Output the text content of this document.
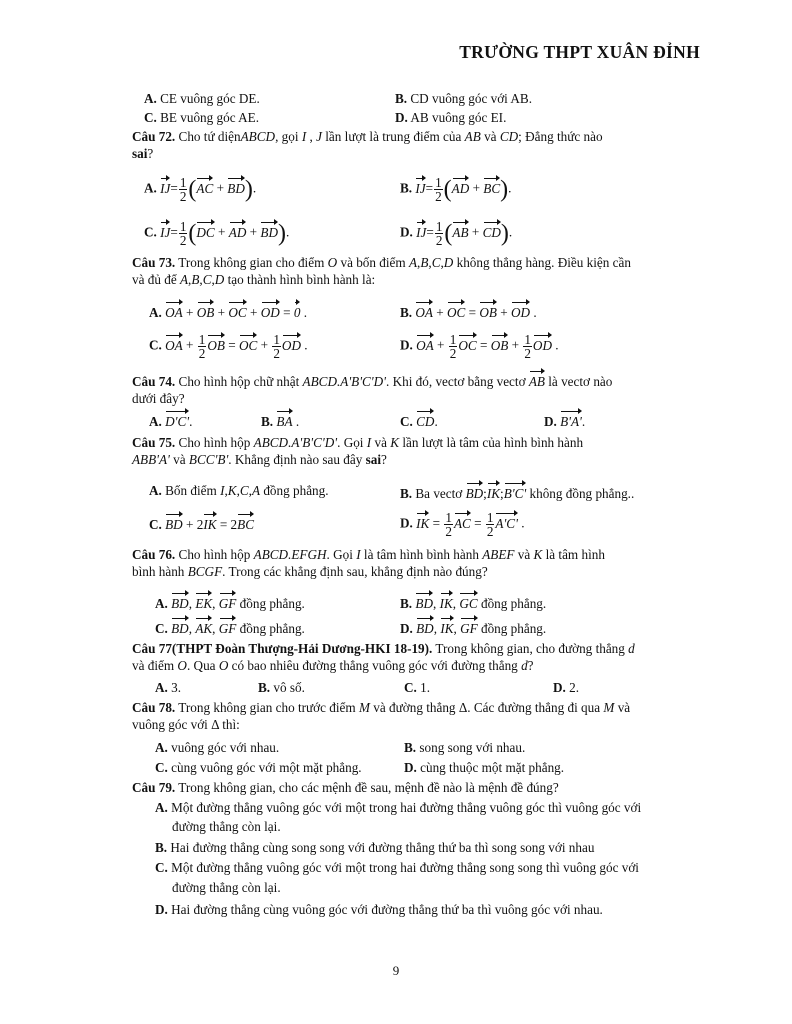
TRƯỜNG THPT XUÂN ĐỈNH
A. CE vuông góc DE.	B. CD vuông góc với AB.
C. BE vuông góc AE.	D. AB vuông góc EI.
Câu 72. Cho tứ diệnABCD, gọi I , J lần lượt là trung điểm của AB và CD; Đẳng thức nào
sai?
A. $IJ= \frac{1}{2} (AC + BD)$.	B. $IJ= \frac{1}{2} (AD + BC)$.
C. $IJ= \frac{1}{2} (DC$ + AD + BD).	D. $IJ= \frac{1}{2} (AB + CD)$.
Câu 73. Trong không gian cho điểm O và bốn điểm A,B,C,D không thẳng hàng. Điều kiện cần
và đủ để A,B,C,D tạo thành hình bình hành là:
A. OA + OB + OC + OD = 0 .	B. OA + OC = OB + OD .
C. OA + $\frac{1}{2}$ OB = OC + $\frac{1}{2}$ OD .	D. OA + $\frac{1}{2}$ OC = OB + $\frac{1}{2}$ OD .
Câu 74. Cho hình hộp chữ nhật ABCD.A'B'C'D'. Khi đó, vectơ bằng vectơ AB là vectơ nào
dưới đây?
A. D'C'.	B. BA .	C. CD.	D. B'A'.
Câu 75. Cho hình hộp ABCD.A'B'C'D'. Gọi I và K lần lượt là tâm của hình bình hành
ABB'A' và BCC'B'. Khẳng định nào sau đây sai?
A. Bốn điểm I,K,C,A đồng phẳng.	B. Ba vectơ BD;IK;B'C' không đồng phẳng..
C. BD + 2IK = 2BC	D. IK = $\frac{1}{2}$ AC = $\frac{1}{2} A'C'$ .
Câu 76. Cho hình hộp ABCD.EFGH. Gọi I là tâm hình bình hành ABEF và K là tâm hình
bình hành BCGF. Trong các khẳng định sau, khẳng định nào đúng?
A. BD, EK, GF đồng phẳng.	B. BD, IK, GC đồng phẳng.
C. BD, AK, GF đồng phẳng.	D. BD, IK, GF đồng phẳng.
Câu 77(THPT Đoàn Thượng-Hải Dương-HKI 18-19). Trong không gian, cho đường thẳng d
và điểm O. Qua O có bao nhiêu đường thẳng vuông góc với đường thẳng d?
A. 3.	B. vô số.	C. 1.	D. 2.
Câu 78. Trong không gian cho trước điểm M và đường thẳng Δ. Các đường thẳng đi qua M và
vuông góc với Δ thì:
A. vuông góc với nhau.	B. song song với nhau.
C. cùng vuông góc với một mặt phẳng.	D. cùng thuộc một mặt phẳng.
Câu 79. Trong không gian, cho các mệnh đề sau, mệnh đề nào là mệnh đề đúng?
A. Một đường thẳng vuông góc với một trong hai đường thẳng vuông góc thì vuông góc với
đường thẳng còn lại.
B. Hai đường thẳng cùng song song với đường thẳng thứ ba thì song song với nhau
C. Một đường thẳng vuông góc với một trong hai đường thẳng song song thì vuông góc với
đường thẳng còn lại.
D. Hai đường thẳng cùng vuông góc với đường thẳng thứ ba thì vuông góc với nhau.
9
